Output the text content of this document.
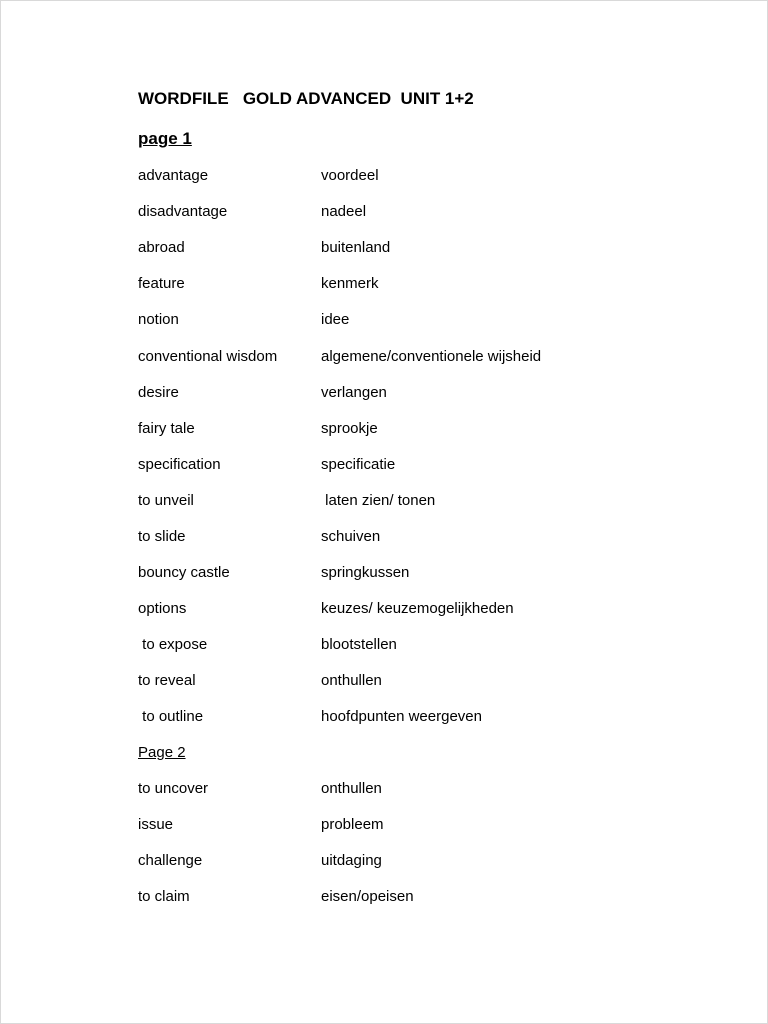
WORDFILE   GOLD ADVANCED  UNIT 1+2
page 1
advantage	voordeel
disadvantage	nadeel
abroad	buitenland
feature	kenmerk
notion	idee
conventional wisdom	algemene/conventionele wijsheid
desire	verlangen
fairy tale	sprookje
specification	specificatie
to unveil	laten zien/ tonen
to slide	schuiven
bouncy castle	springkussen
options	keuzes/ keuzemogelijkheden
to expose	blootstellen
to reveal	onthullen
to outline	hoofdpunten weergeven
Page 2
to uncover	onthullen
issue	probleem
challenge	uitdaging
to claim	eisen/opeisen
